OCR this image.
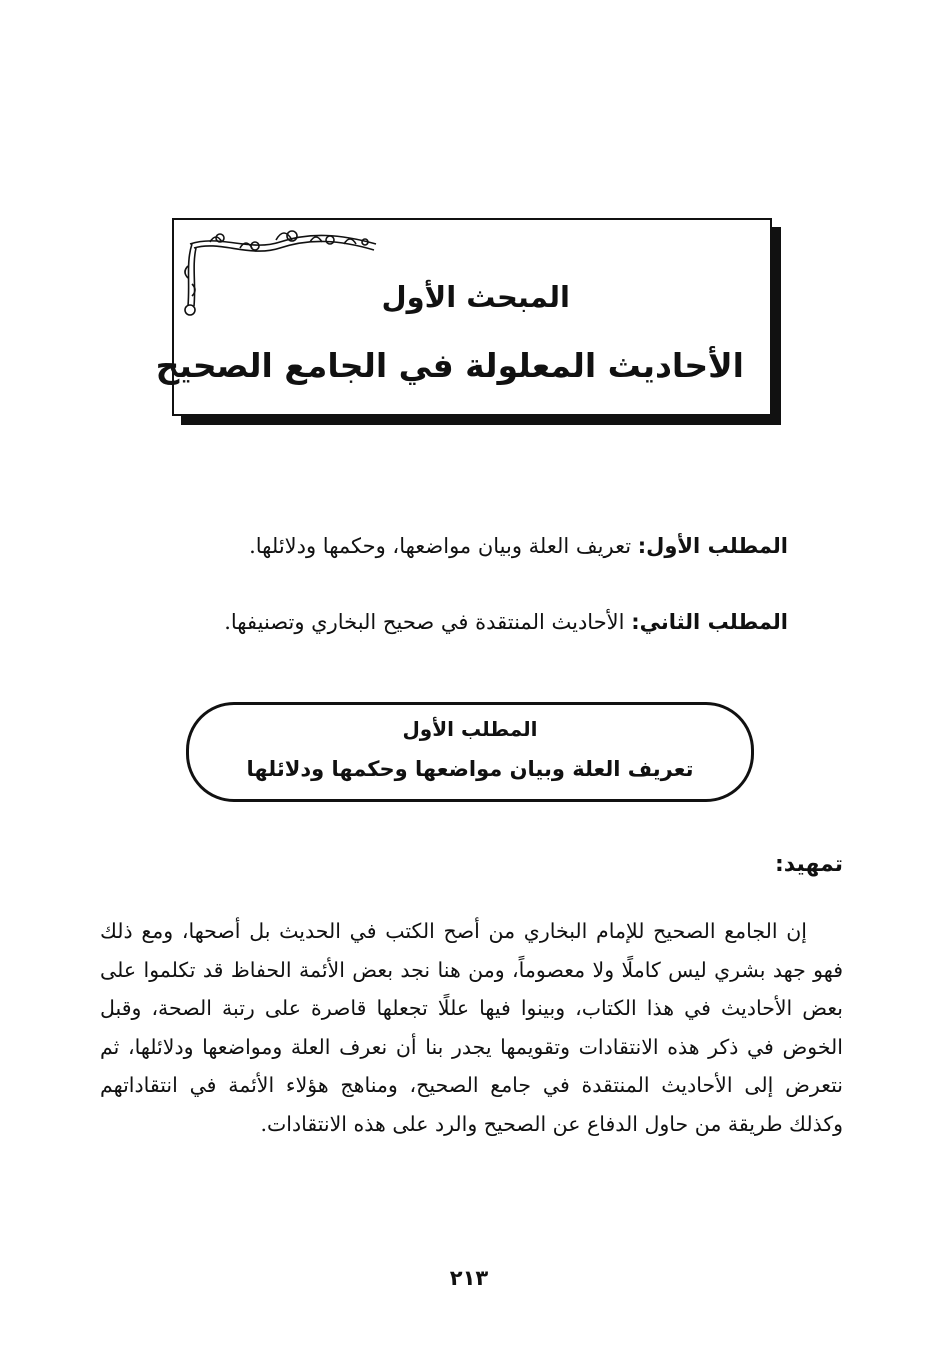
المبحث الأول
الأحاديث المعلولة في الجامع الصحيح
المطلب الأول: تعريف العلة وبيان مواضعها، وحكمها ودلائلها.
المطلب الثاني: الأحاديث المنتقدة في صحيح البخاري وتصنيفها.
المطلب الأول
تعريف العلة وبيان مواضعها وحكمها ودلائلها
تمهيد:
إن الجامع الصحيح للإمام البخاري من أصح الكتب في الحديث بل أصحها، ومع ذلك فهو جهد بشري ليس كاملًا ولا معصوماً، ومن هنا نجد بعض الأئمة الحفاظ قد تكلموا على بعض الأحاديث في هذا الكتاب، وبينوا فيها عللًا تجعلها قاصرة على رتبة الصحة، وقبل الخوض في ذكر هذه الانتقادات وتقويمها يجدر بنا أن نعرف العلة ومواضعها ودلائلها، ثم نتعرض إلى الأحاديث المنتقدة في جامع الصحيح، ومناهج هؤلاء الأئمة في انتقاداتهم وكذلك طريقة من حاول الدفاع عن الصحيح والرد على هذه الانتقادات.
٢١٣
